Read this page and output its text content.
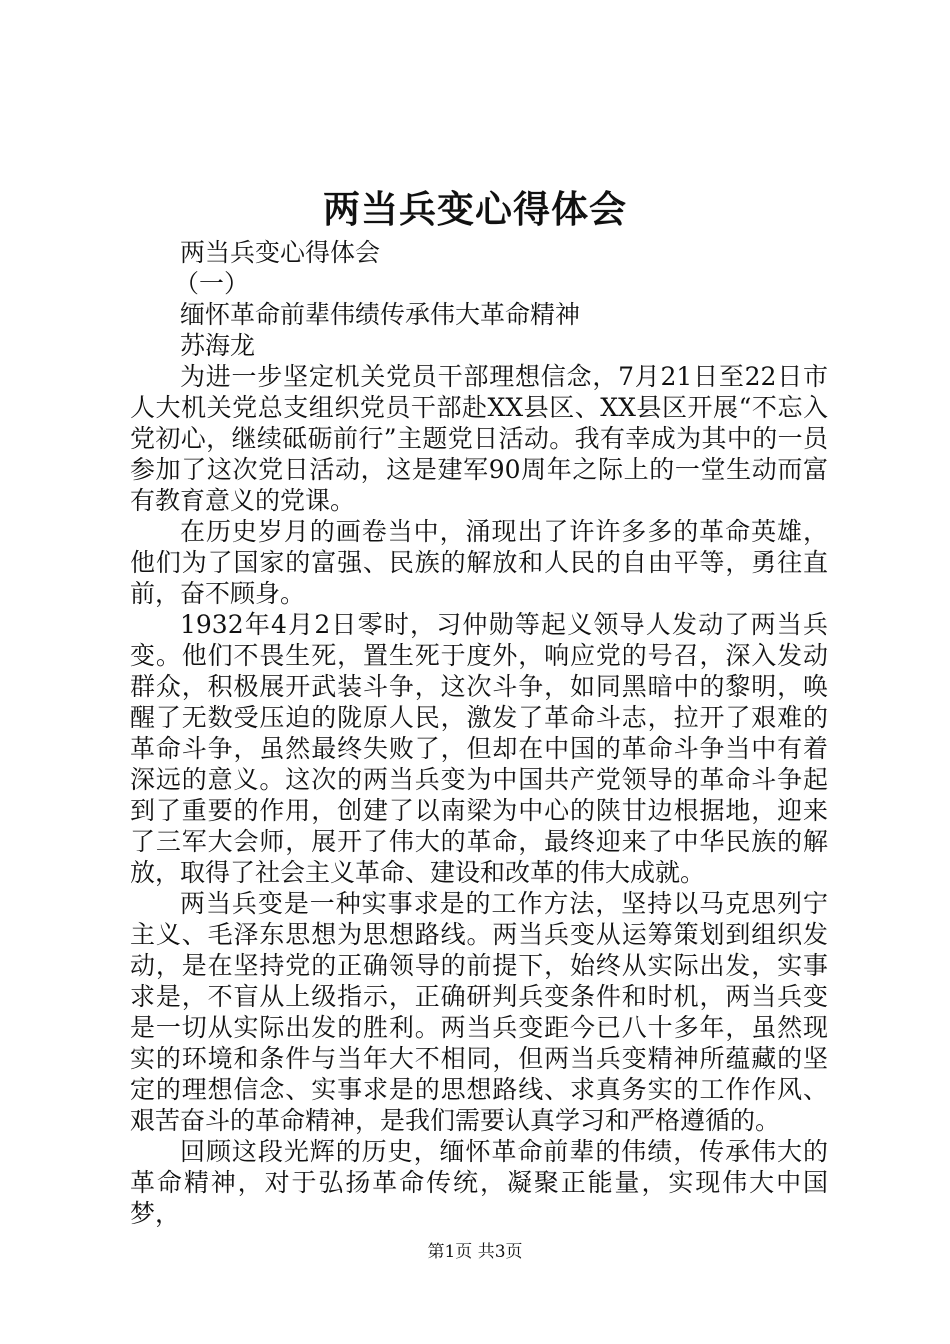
两当兵变心得体会

两当兵变心得体会

（一）

缅怀革命前辈伟绩传承伟大革命精神

苏海龙

为进一步坚定机关党员干部理想信念，7月21日至22日市人大机关党总支组织党员干部赴XX县区、XX县区开展“不忘入党初心，继续砥砺前行”主题党日活动。我有幸成为其中的一员参加了这次党日活动，这是建军90周年之际上的一堂生动而富有教育意义的党课。

在历史岁月的画卷当中，涌现出了许许多多的革命英雄，他们为了国家的富强、民族的解放和人民的自由平等，勇往直前，奋不顾身。

1932年4月2日零时，习仲勋等起义领导人发动了两当兵变。他们不畏生死，置生死于度外，响应党的号召，深入发动群众，积极展开武装斗争，这次斗争，如同黑暗中的黎明，唤醒了无数受压迫的陇原人民，激发了革命斗志，拉开了艰难的革命斗争，虽然最终失败了，但却在中国的革命斗争当中有着深远的意义。这次的两当兵变为中国共产党领导的革命斗争起到了重要的作用，创建了以南梁为中心的陕甘边根据地，迎来了三军大会师，展开了伟大的革命，最终迎来了中华民族的解放，取得了社会主义革命、建设和改革的伟大成就。

两当兵变是一种实事求是的工作方法，坚持以马克思列宁主义、毛泽东思想为思想路线。两当兵变从运筹策划到组织发动，是在坚持党的正确领导的前提下，始终从实际出发，实事求是，不盲从上级指示，正确研判兵变条件和时机，两当兵变是一切从实际出发的胜利。两当兵变距今已八十多年，虽然现实的环境和条件与当年大不相同，但两当兵变精神所蕴藏的坚定的理想信念、实事求是的思想路线、求真务实的工作作风、艰苦奋斗的革命精神，是我们需要认真学习和严格遵循的。

回顾这段光辉的历史，缅怀革命前辈的伟绩，传承伟大的革命精神，对于弘扬革命传统，凝聚正能量，实现伟大中国梦，

第1页 共3页
